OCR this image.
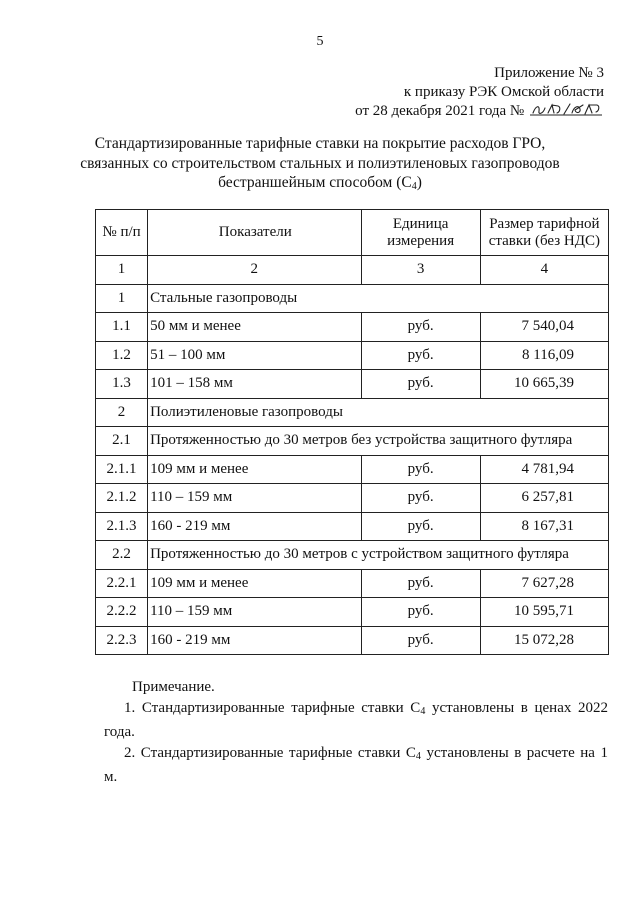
5
Приложение № 3
к приказу РЭК Омской области
от 28 декабря 2021 года №
Стандартизированные тарифные ставки на покрытие расходов ГРО,
связанных со строительством стальных и полиэтиленовых газопроводов
бестраншейным способом $(С_4)$
№ п/п	Показатели	Единица измерения	Размер тарифной ставки (без НДС)
1	2	3	4
1	Стальные газопроводы		
1.1	50 мм и менее	руб.	7 540,04
1.2	51 – 100 мм	руб.	8 116,09
1.3	101 – 158 мм	руб.	10 665,39
2	Полиэтиленовые газопроводы		
2.1	Протяженностью до 30 метров без устройства защитного футляра		
2.1.1	109 мм и менее	руб.	4 781,94
2.1.2	110 – 159 мм	руб.	6 257,81
2.1.3	160 - 219 мм	руб.	8 167,31
2.2	Протяженностью до 30 метров с устройством защитного футляра		
2.2.1	109 мм и менее	руб.	7 627,28
2.2.2	110 – 159 мм	руб.	10 595,71
2.2.3	160 - 219 мм	руб.	15 072,28
Примечание.
1. Стандартизированные тарифные ставки $С_4$ установлены в ценах 2022 года.
2. Стандартизированные тарифные ставки $С_4$ установлены в расчете на 1 м.
